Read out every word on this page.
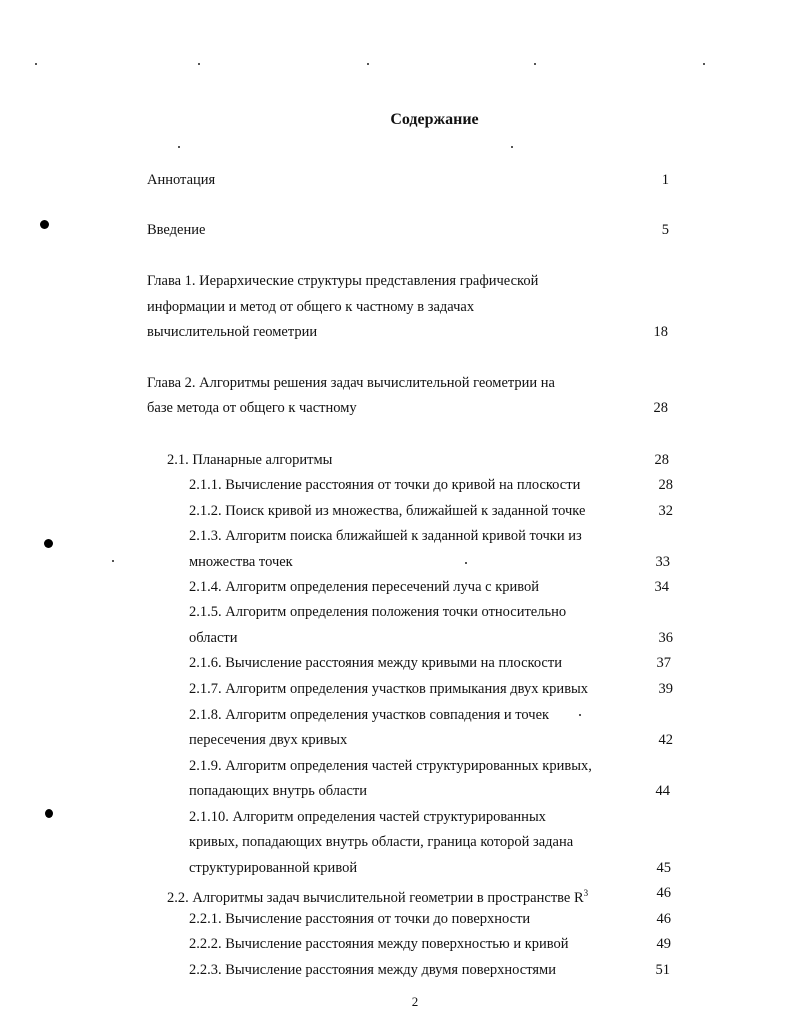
Содержание
Аннотация	1
Введение	5
Глава 1. Иерархические структуры представления графической
информации и метод от общего к частному в задачах
вычислительной геометрии	18
Глава 2. Алгоритмы решения задач вычислительной геометрии на
базе метода от общего к частному	28
2.1. Планарные алгоритмы	28
2.1.1. Вычисление расстояния от точки до кривой на плоскости	28
2.1.2. Поиск кривой из множества, ближайшей к заданной точке	32
2.1.3. Алгоритм поиска ближайшей к заданной кривой точки из
множества точек	33
2.1.4. Алгоритм определения пересечений луча с кривой	34
2.1.5. Алгоритм определения положения точки относительно
области	36
2.1.6. Вычисление расстояния между кривыми на плоскости	37
2.1.7. Алгоритм определения участков примыкания двух кривых	39
2.1.8. Алгоритм определения участков совпадения и точек
пересечения двух кривых	42
2.1.9. Алгоритм определения частей структурированных кривых,
попадающих внутрь области	44
2.1.10. Алгоритм определения частей структурированных
кривых, попадающих внутрь области, граница которой задана
структурированной кривой	45
2.2. Алгоритмы задач вычислительной геометрии в пространстве $R^3$	46
2.2.1. Вычисление расстояния от точки до поверхности	46
2.2.2. Вычисление расстояния между поверхностью и кривой	49
2.2.3. Вычисление расстояния между двумя поверхностями	51
2
